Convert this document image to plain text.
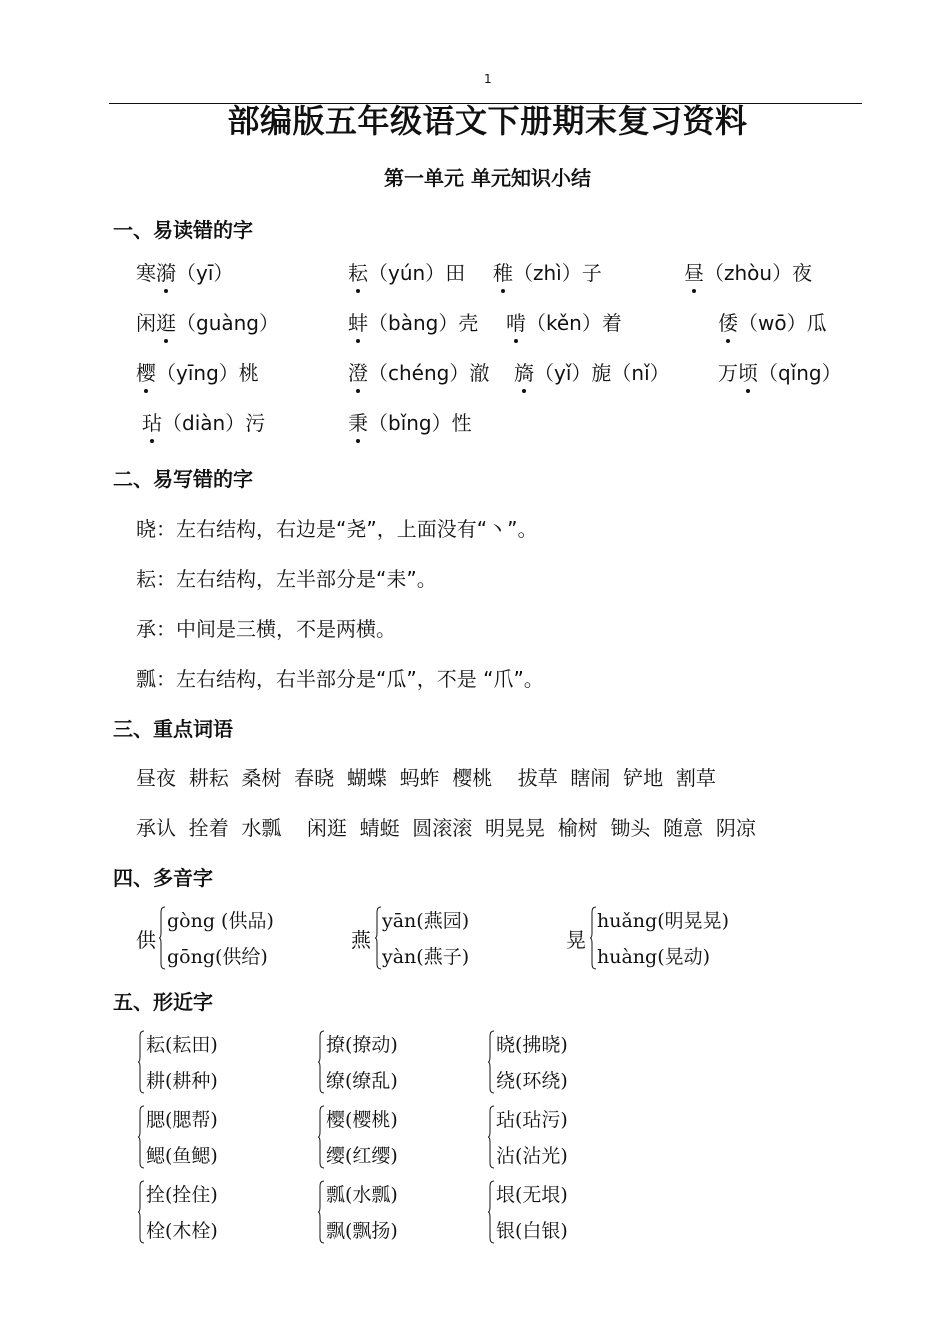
1
部编版五年级语文下册期末复习资料
第一单元 单元知识小结
一、易读错的字
寒漪（yī）	耘（yún）田 稚（zhì）子	昼（zhòu）夜
闲逛（guàng）	蚌（bàng）壳 啃（kěn）着	倭（wō）瓜
樱（yīng）桃	澄（chéng）澈 旖（yǐ）旎（nǐ） 万顷（qǐng）
玷（diàn）污	秉（bǐng）性
二、易写错的字
晓：左右结构，右边是“尧”，上面没有“丶”。
耘：左右结构，左半部分是“耒”。
承：中间是三横，不是两横。
瓢：左右结构，右半部分是“瓜”，不是 “爪”。
三、重点词语
昼夜  耕耘  桑树  春晓  蝴蝶  蚂蚱  樱桃    拔草  瞎闹  铲地  割草
承认  拴着  水瓢    闲逛  蜻蜓  圆滚滚  明晃晃  榆树  锄头  随意  阴凉
四、多音字
供
gòng (供品)
gōng(供给)
燕
yān(燕园)
yàn(燕子)
晃
huǎng(明晃晃)
huàng(晃动)
五、形近字
耘(耘田)
耕(耕种)
撩(撩动)
缭(缭乱)
晓(拂晓)
绕(环绕)
腮(腮帮)
鳃(鱼鳃)
樱(樱桃)
缨(红缨)
玷(玷污)
沾(沾光)
拴(拴住)
栓(木栓)
瓢(水瓢)
飘(飘扬)
垠(无垠)
银(白银)
